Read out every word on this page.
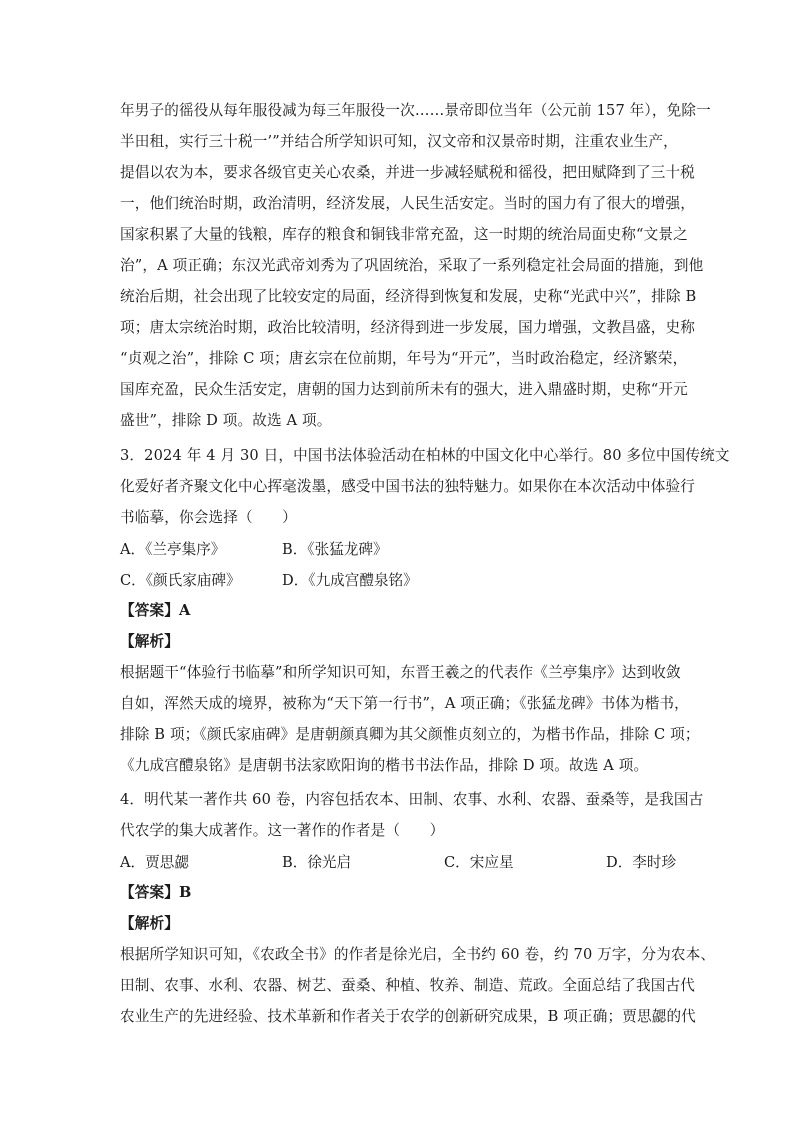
年男子的徭役从每年服役减为每三年服役一次……景帝即位当年（公元前 157 年），免除一
半田租，实行三十税一’”并结合所学知识可知，汉文帝和汉景帝时期，注重农业生产，
提倡以农为本，要求各级官吏关心农桑，并进一步减轻赋税和徭役，把田赋降到了三十税
一，他们统治时期，政治清明，经济发展，人民生活安定。当时的国力有了很大的增强，
国家积累了大量的钱粮，库存的粮食和铜钱非常充盈，这一时期的统治局面史称“文景之
治”，A 项正确；东汉光武帝刘秀为了巩固统治，采取了一系列稳定社会局面的措施，到他
统治后期，社会出现了比较安定的局面，经济得到恢复和发展，史称“光武中兴”，排除 B
项；唐太宗统治时期，政治比较清明，经济得到进一步发展，国力增强，文教昌盛，史称
“贞观之治”，排除 C 项；唐玄宗在位前期，年号为“开元”，当时政治稳定，经济繁荣，
国库充盈，民众生活安定，唐朝的国力达到前所未有的强大，进入鼎盛时期，史称“开元
盛世”，排除 D 项。故选 A 项。
3．2024 年 4 月 30 日，中国书法体验活动在柏林的中国文化中心举行。80 多位中国传统文
化爱好者齐聚文化中心挥毫泼墨，感受中国书法的独特魅力。如果你在本次活动中体验行
书临摹，你会选择（　　）
A．《兰亭集序》	B．《张猛龙碑》
C．《颜氏家庙碑》	D．《九成宫醴泉铭》
【答案】A
【解析】
根据题干“体验行书临摹”和所学知识可知，东晋王羲之的代表作《兰亭集序》达到收敛
自如，浑然天成的境界，被称为“天下第一行书”，A 项正确；《张猛龙碑》书体为楷书，
排除 B 项；《颜氏家庙碑》是唐朝颜真卿为其父颜惟贞刻立的，为楷书作品，排除 C 项；
《九成宫醴泉铭》是唐朝书法家欧阳询的楷书书法作品，排除 D 项。故选 A 项。
4．明代某一著作共 60 卷，内容包括农本、田制、农事、水利、农器、蚕桑等，是我国古
代农学的集大成著作。这一著作的作者是（　　）
A．贾思勰	B．徐光启	C．宋应星	D．李时珍
【答案】B
【解析】
根据所学知识可知，《农政全书》的作者是徐光启，全书约 60 卷，约 70 万字，分为农本、
田制、农事、水利、农器、树艺、蚕桑、种植、牧养、制造、荒政。全面总结了我国古代
农业生产的先进经验、技术革新和作者关于农学的创新研究成果，B 项正确；贾思勰的代
